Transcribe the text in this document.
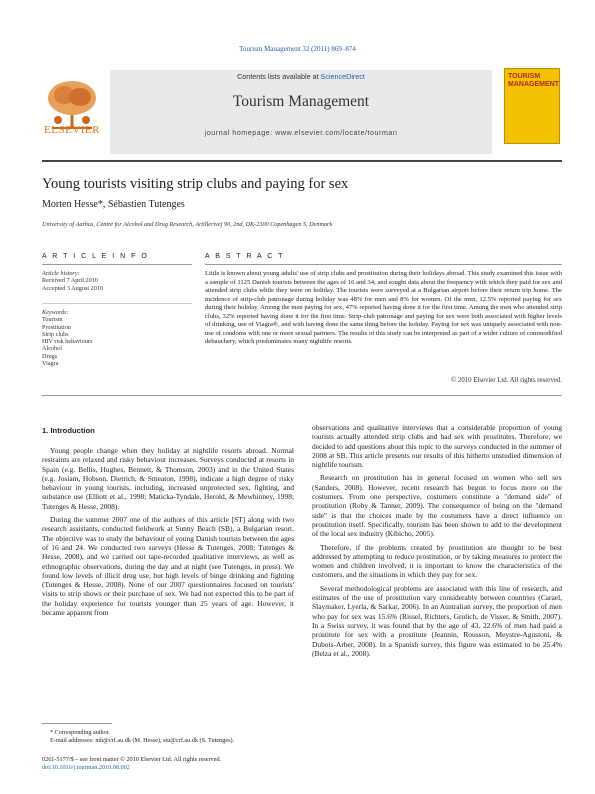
Tourism Management 32 (2011) 869–874
ELSEVIER
Contents lists available at ScienceDirect
Tourism Management
journal homepage: www.elsevier.com/locate/tourman
TOURISM MANAGEMENT
Young tourists visiting strip clubs and paying for sex
Morten Hesse*, Sébastien Tutenges
University of Aarhus, Centre for Alcohol and Drug Research, Artillerivej 90, 2nd, DK-2300 Copenhagen S, Denmark
A R T I C L E I N F O
Article history:
Received 7 April 2010
Accepted 3 August 2010
Keywords:
Tourism
Prostitution
Strip clubs
HIV risk behaviours
Alcohol
Drugs
Viagra
A B S T R A C T
Little is known about young adults' use of strip clubs and prostitution during their holidays abroad. This study examined this issue with a sample of 1125 Danish tourists between the ages of 16 and 34, and sought data about the frequency with which they paid for sex and attended strip clubs while they were on holiday. The tourists were surveyed at a Bulgarian airport before their return trip home. The incidence of strip-club patronage during holiday was 48% for men and 8% for women. Of the men, 12.5% reported paying for sex during their holiday. Among the men paying for sex, 47% reported having done it for the first time. Among the men who attended strip clubs, 32% reported having done it for the first time. Strip-club patronage and paying for sex were both associated with higher levels of drinking, use of Viagra®, and with having done the same thing before the holiday. Paying for sex was uniquely associated with non-use of condoms with one or more sexual partners. The results of this study can be interpreted as part of a wider culture of commodified debauchery, which predominates many nightlife resorts.
© 2010 Elsevier Ltd. All rights reserved.
1. Introduction

Young people change when they holiday at nightlife resorts abroad. Normal restraints are relaxed and risky behaviour increases. Surveys conducted at resorts in Spain (e.g. Bellis, Hughes, Bennett, & Thomson, 2003) and in the United States (e.g. Josiam, Hobson, Dietrich, & Smeaton, 1998), indicate a high degree of risky behaviour in young tourists, including, increased unprotected sex, fighting, and substance use (Elliott et al., 1998; Maticka-Tyndale, Herold, & Mewhinney, 1998; Tutenges & Hesse, 2008).

During the summer 2007 one of the authors of this article [ST] along with two research assistants, conducted fieldwork at Sunny Beach (SB), a Bulgarian resort. The objective was to study the behaviour of young Danish tourists between the ages of 16 and 24. We conducted two surveys (Hesse & Tutenges, 2008; Tutenges & Hesse, 2008), and we carried out tape-recorded qualitative interviews, as well as ethnographic observations, during the day and at night (see Tutenges, in press). We found low levels of illicit drug use, but high levels of binge drinking and fighting (Tutenges & Hesse, 2008). None of our 2007 questionnaires focused on tourists' visits to strip shows or their purchase of sex. We had not expected this to be part of the holiday experience for tourists younger than 25 years of age. However, it became apparent from

* Corresponding author.
E-mail addresses: mh@crf.au.dk (M. Hesse), stu@crf.au.dk (S. Tutenges).
0261-5177/$ – see front matter © 2010 Elsevier Ltd. All rights reserved.
doi:10.1016/j.tourman.2010.08.002

observations and qualitative interviews that a considerable proportion of young tourists actually attended strip clubs and had sex with prostitutes. Therefore, we decided to add questions about this topic to the surveys conducted in the summer of 2008 at SB. This article presents our results of this hitherto unstudied dimension of nightlife tourism.

Research on prostitution has in general focused on women who sell sex (Sanders, 2008). However, recent research has begun to focus more on the costumers. From one perspective, costumers constitute a "demand side" of prostitution (Roby & Tanner, 2009). The consequence of being on the "demand side" is that the choices made by the costumers have a direct influence on prostitution itself. Specifically, tourism has been shown to add to the development of the local sex industry (Kibicho, 2005).

Therefore, if the problems created by prostitution are thought to be best addressed by attempting to reduce prostitution, or by taking measures to protect the women and children involved, it is important to know the characteristics of the customers, and the situations in which they pay for sex.

Several methodological problems are associated with this line of research, and estimates of the use of prostitution vary considerably between countries (Carael, Slaymaker, Lyerla, & Sarkar, 2006). In an Australian survey, the proportion of men who pay for sex was 15.6% (Rissel, Richters, Grulich, de Visser, & Smith, 2007). In a Swiss survey, it was found that by the age of 43, 22.6% of men had paid a prostitute for sex with a prostitute (Jeannin, Rousson, Meystre-Agustoni, & Dubois-Arber, 2008). In a Spanish survey, this figure was estimated to be 25.4% (Belza et al., 2008).
